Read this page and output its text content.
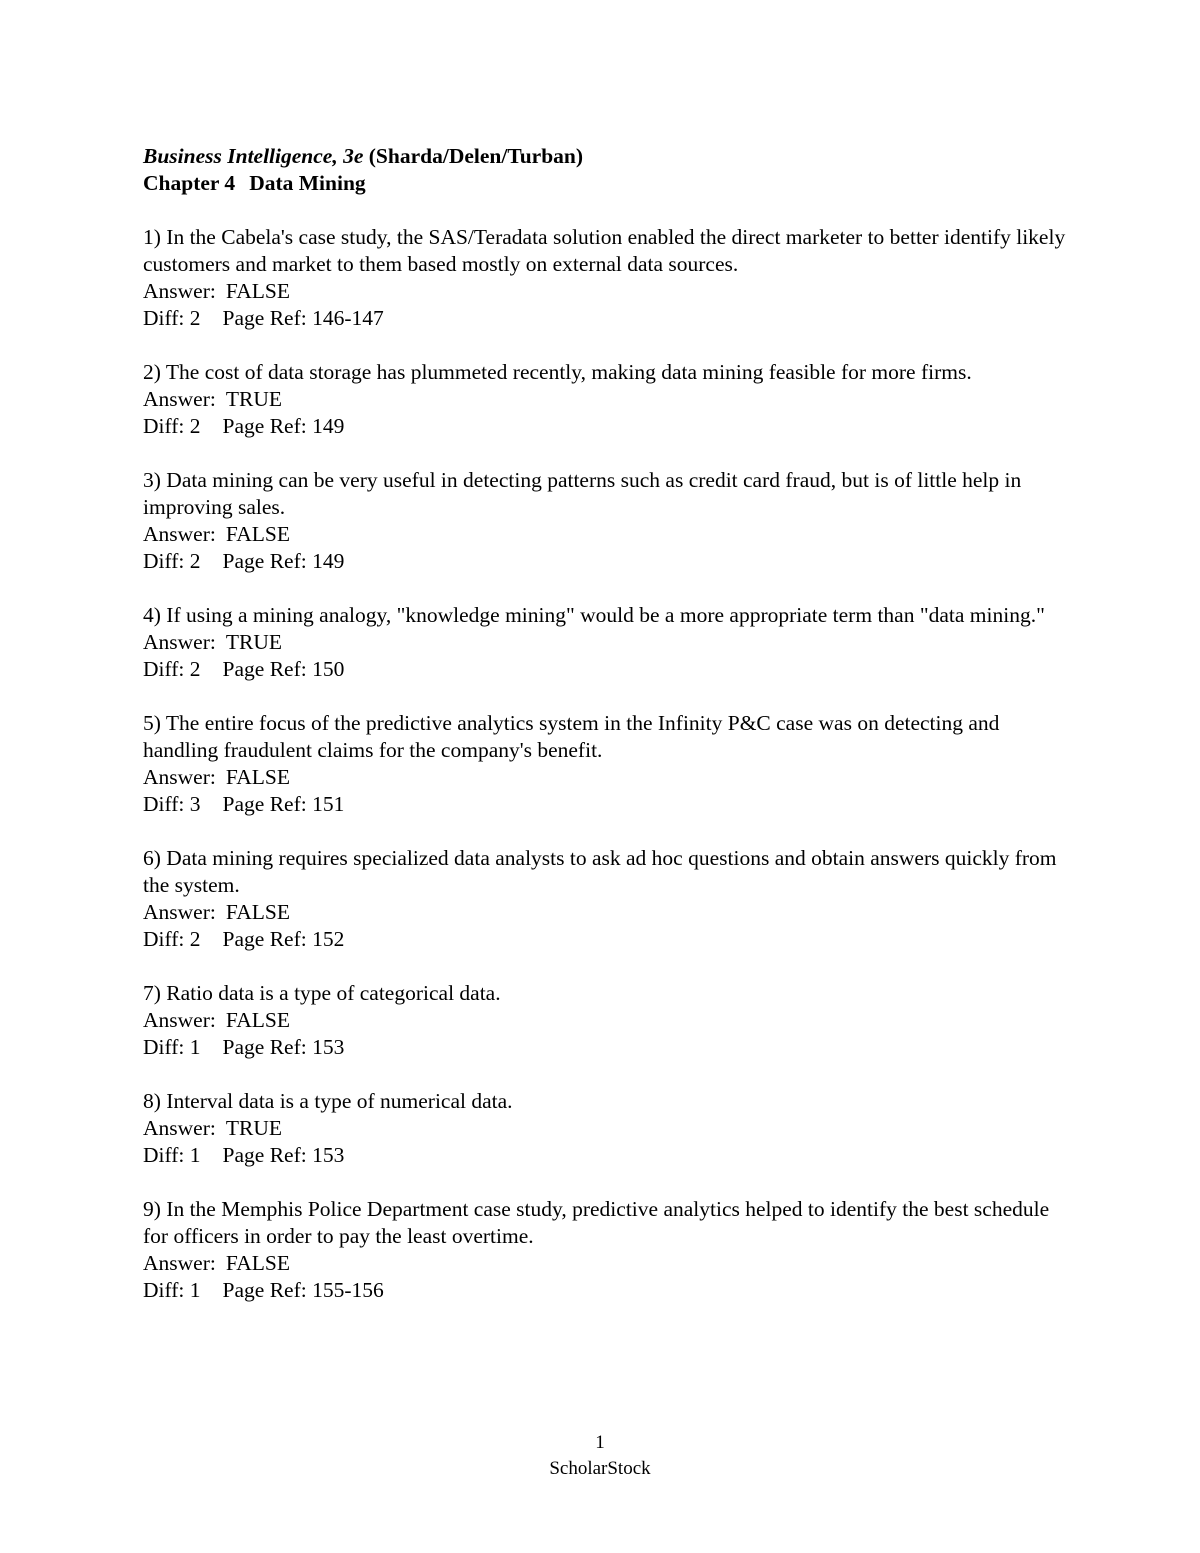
Business Intelligence, 3e (Sharda/Delen/Turban)

Chapter 4 Data Mining

1) In the Cabela's case study, the SAS/Teradata solution enabled the direct marketer to better identify likely customers and market to them based mostly on external data sources.

Answer: FALSE

Diff: 2 Page Ref: 146-147

2) The cost of data storage has plummeted recently, making data mining feasible for more firms.

Answer: TRUE

Diff: 2 Page Ref: 149

3) Data mining can be very useful in detecting patterns such as credit card fraud, but is of little help in improving sales.

Answer: FALSE

Diff: 2 Page Ref: 149

4) If using a mining analogy, "knowledge mining" would be a more appropriate term than "data mining."

Answer: TRUE

Diff: 2 Page Ref: 150

5) The entire focus of the predictive analytics system in the Infinity P&C case was on detecting and handling fraudulent claims for the company's benefit.

Answer: FALSE

Diff: 3 Page Ref: 151

6) Data mining requires specialized data analysts to ask ad hoc questions and obtain answers quickly from the system.

Answer: FALSE

Diff: 2 Page Ref: 152

7) Ratio data is a type of categorical data.

Answer: FALSE

Diff: 1 Page Ref: 153

8) Interval data is a type of numerical data.

Answer: TRUE

Diff: 1 Page Ref: 153

9) In the Memphis Police Department case study, predictive analytics helped to identify the best schedule for officers in order to pay the least overtime.

Answer: FALSE

Diff: 1 Page Ref: 155-156

1
ScholarStock
